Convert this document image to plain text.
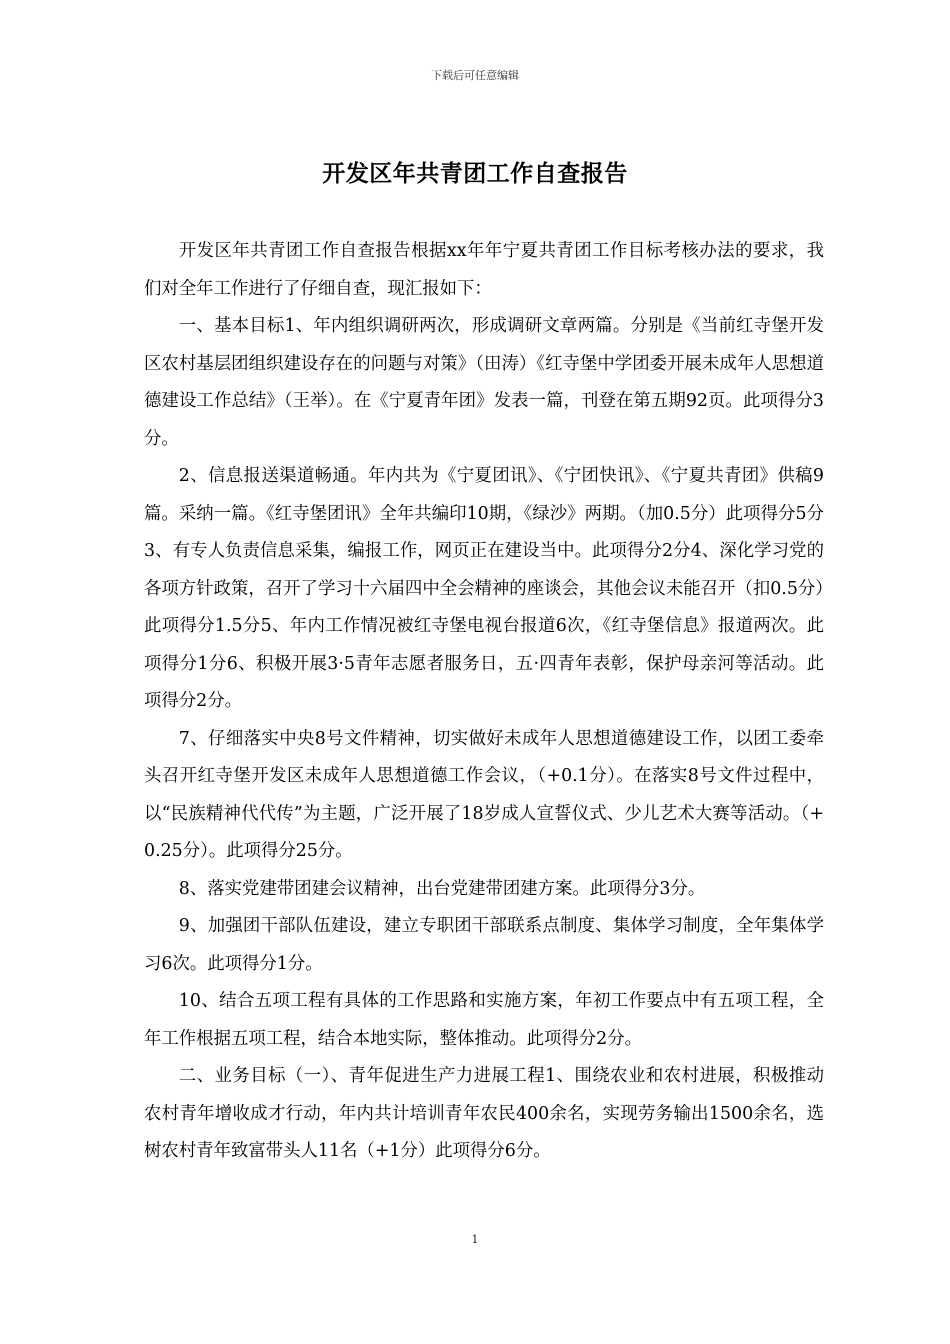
下载后可任意编辑
开发区年共青团工作自查报告

开发区年共青团工作自查报告根据xx年年宁夏共青团工作目标考核办法的要求，我们对全年工作进行了仔细自查，现汇报如下：

一、基本目标1、年内组织调研两次，形成调研文章两篇。分别是《当前红寺堡开发区农村基层团组织建设存在的问题与对策》（田涛）《红寺堡中学团委开展未成年人思想道德建设工作总结》（王举）。在《宁夏青年团》发表一篇，刊登在第五期92页。此项得分3分。

2、信息报送渠道畅通。年内共为《宁夏团讯》、《宁团快讯》、《宁夏共青团》供稿9篇。采纳一篇。《红寺堡团讯》全年共编印10期，《绿沙》两期。（加0.5分）此项得分5分3、有专人负责信息采集，编报工作，网页正在建设当中。此项得分2分4、深化学习党的各项方针政策，召开了学习十六届四中全会精神的座谈会，其他会议未能召开（扣0.5分）此项得分1.5分5、年内工作情况被红寺堡电视台报道6次，《红寺堡信息》报道两次。此项得分1分6、积极开展3·5青年志愿者服务日，五·四青年表彰，保护母亲河等活动。此项得分2分。

7、仔细落实中央8号文件精神，切实做好未成年人思想道德建设工作，以团工委牵头召开红寺堡开发区未成年人思想道德工作会议，（+0.1分）。在落实8号文件过程中，以“民族精神代代传”为主题，广泛开展了18岁成人宣誓仪式、少儿艺术大赛等活动。（+0.25分）。此项得分25分。

8、落实党建带团建会议精神，出台党建带团建方案。此项得分3分。

9、加强团干部队伍建设，建立专职团干部联系点制度、集体学习制度，全年集体学习6次。此项得分1分。

10、结合五项工程有具体的工作思路和实施方案，年初工作要点中有五项工程，全年工作根据五项工程，结合本地实际，整体推动。此项得分2分。

二、业务目标（一）、青年促进生产力进展工程1、围绕农业和农村进展，积极推动农村青年增收成才行动，年内共计培训青年农民400余名，实现劳务输出1500余名，选树农村青年致富带头人11名（+1分）此项得分6分。

1
